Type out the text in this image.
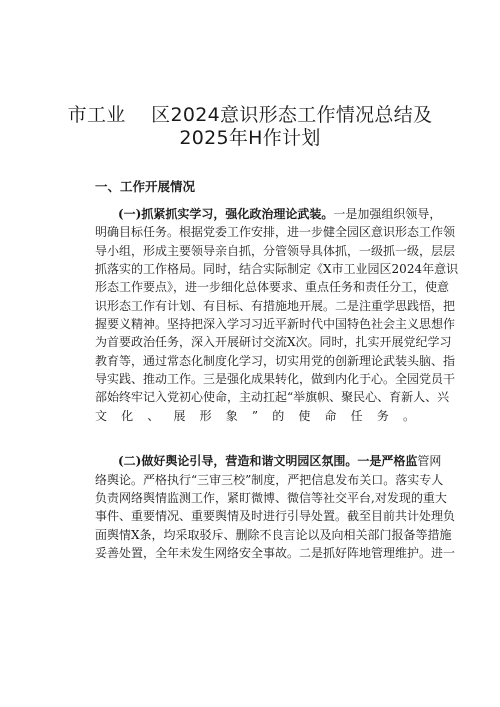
市工业　 区2024意识形态工作情况总结及
2025年H作计划
一、工作开展情况
(一)抓紧抓实学习，强化政治理论武装。一是加强组织领导，
明确目标任务。根据党委工作安排，进一步健全园区意识形态工作领
导小组，形成主要领导亲自抓，分管领导具体抓，一级抓一级，层层
抓落实的工作格局。同时，结合实际制定《X市工业园区2024年意识
形态工作要点》，进一步细化总体要求、重点任务和责任分工，使意
识形态工作有计划、有目标、有措施地开展。二是注重学思践悟，把
握要义精神。坚持把深入学习习近平新时代中国特色社会主义思想作
为首要政治任务，深入开展研讨交流X次。同时，扎实开展党纪学习
教育等，通过常态化制度化学习，切实用党的创新理论武装头脑、指
导实践、推动工作。三是强化成果转化，做到内化于心。全园党员干
部始终牢记入党初心使命，主动扛起“举旗帜、聚民心、育新人、兴
文化、展形象”的使命任务。
(二)做好舆论引导，营造和谐文明园区氛围。一是严格监管网
络舆论。严格执行“三审三校”制度，严把信息发布关口。落实专人
负责网络舆情监测工作，紧盯微博、微信等社交平台,对发现的重大
事件、重要情况、重要舆情及时进行引导处置。截至目前共计处理负
面舆情X条，均采取驳斥、删除不良言论以及向相关部门报备等措施
妥善处置，全年未发生网络安全事故。二是抓好阵地管理维护。进一
